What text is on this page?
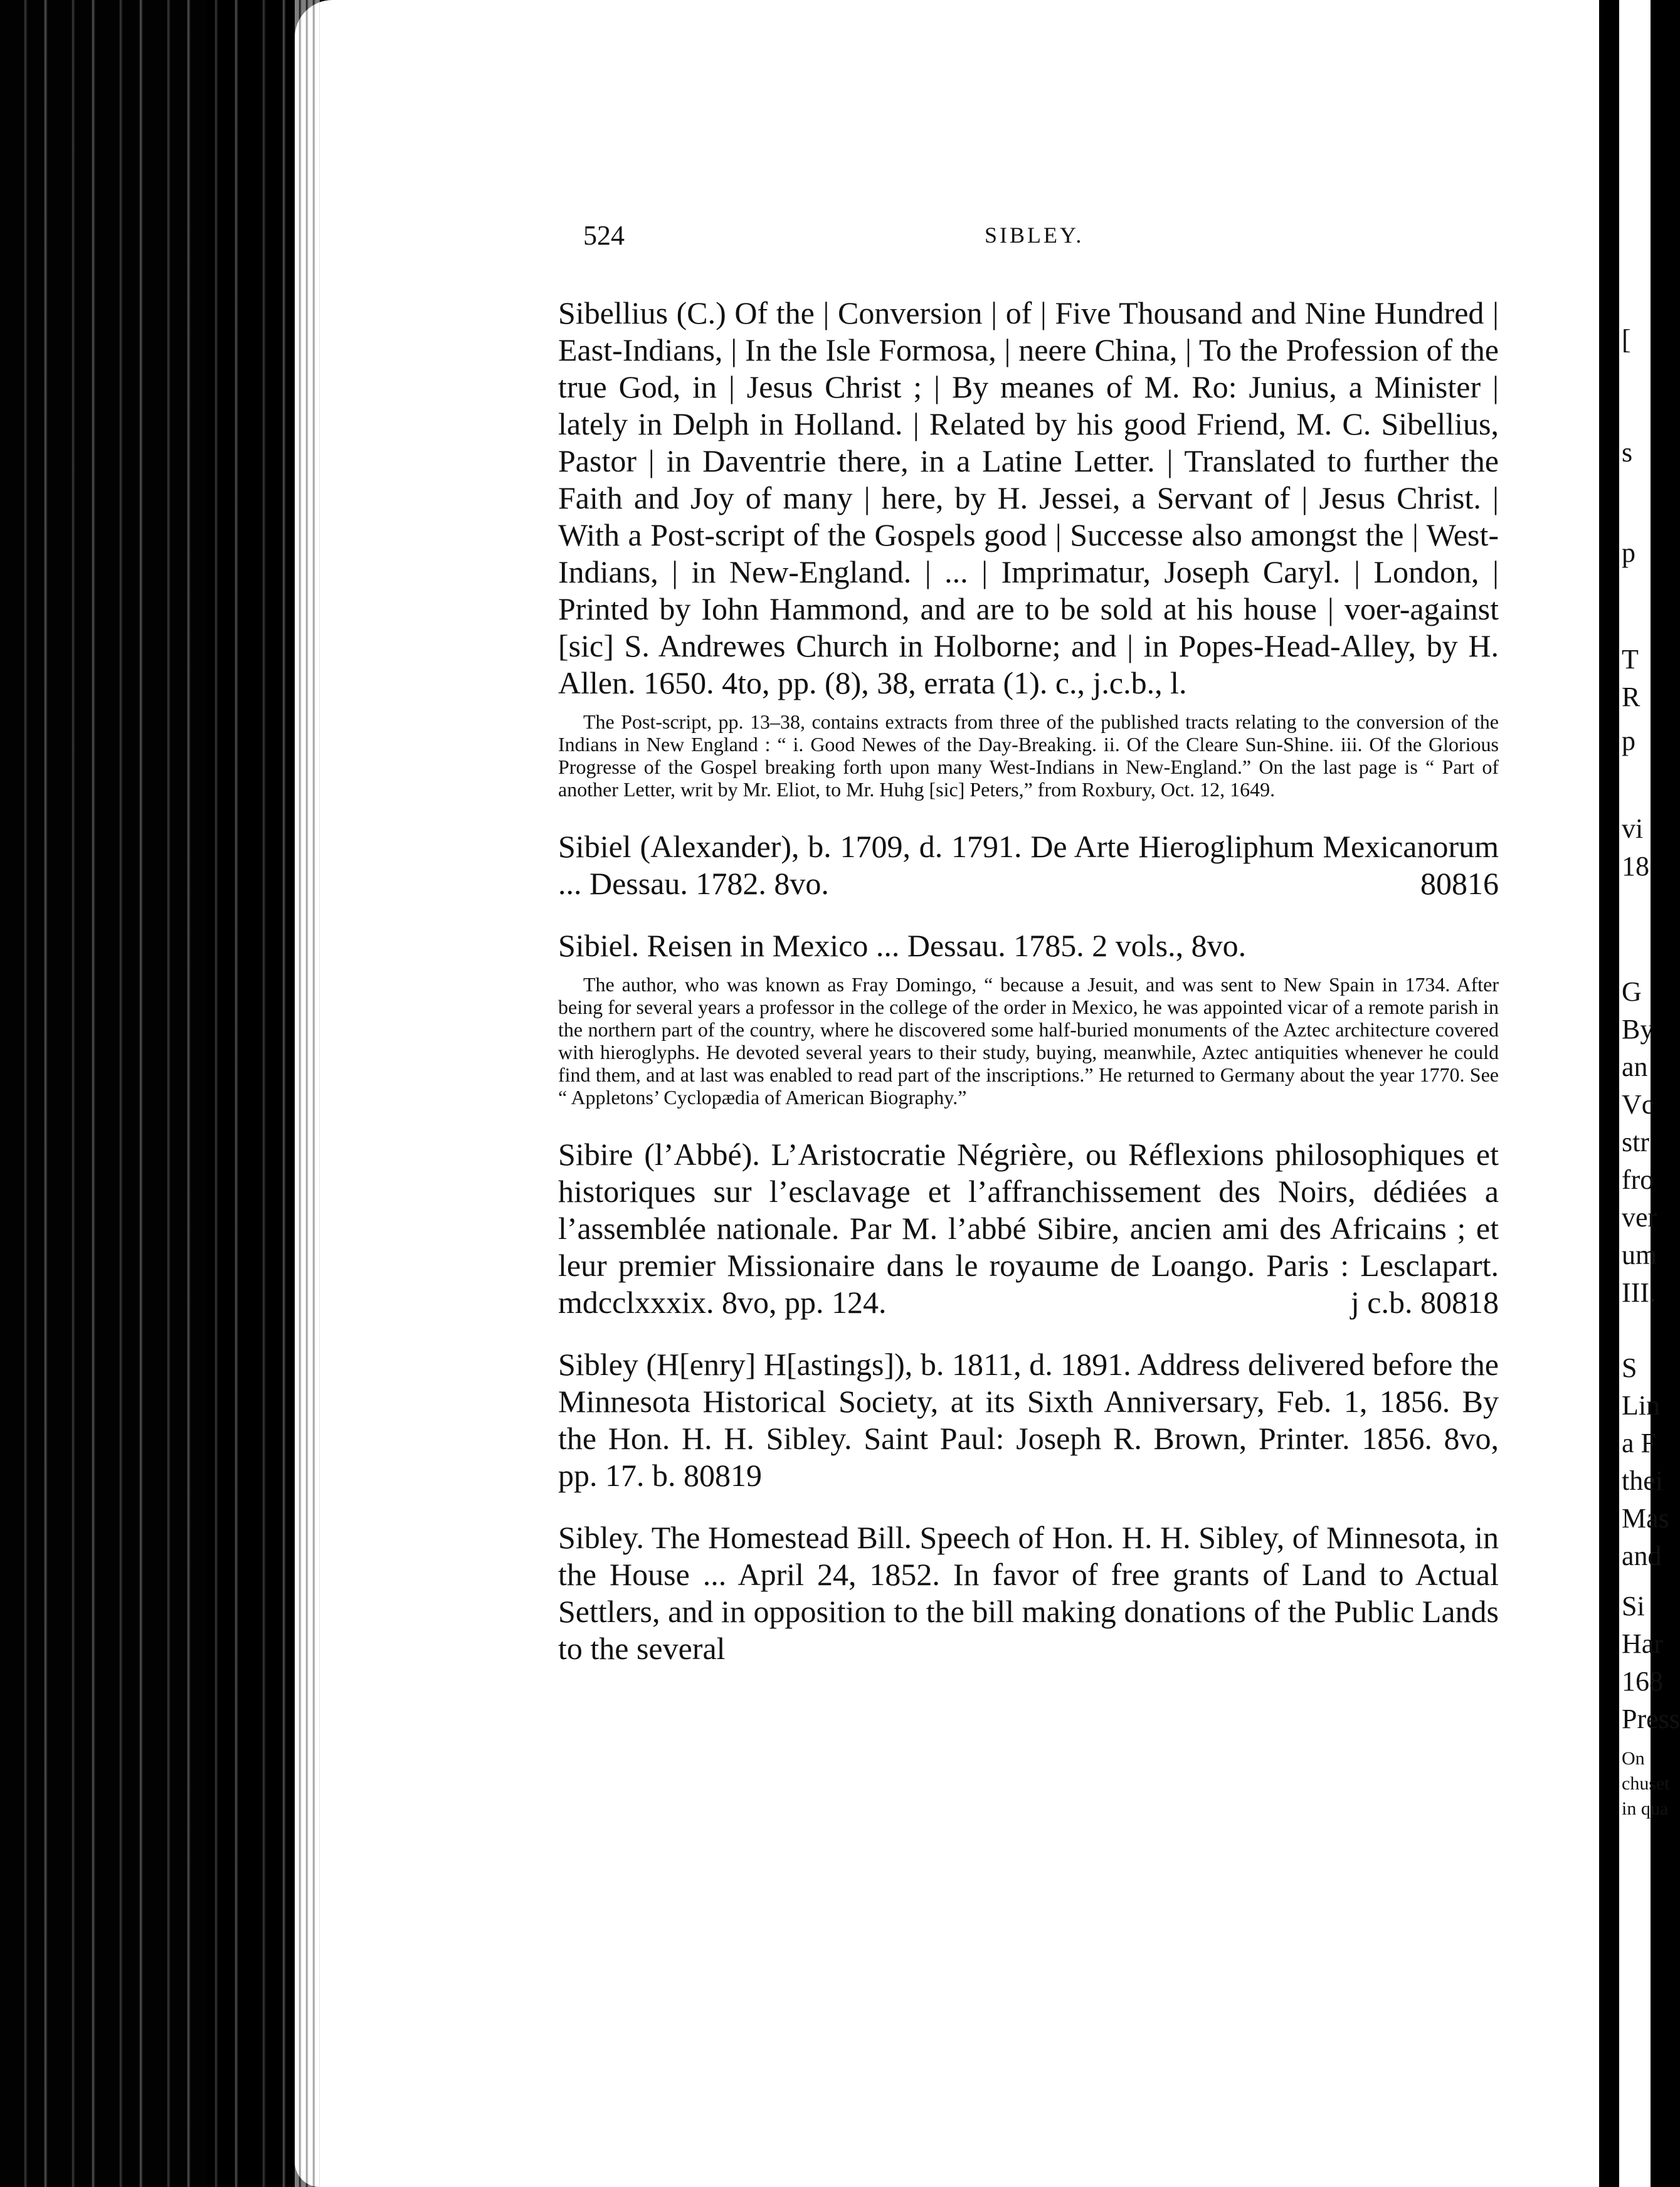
[
s
p
T
R
p
vi
18
G
By
an
Vc
str
fro
ver
um
III.
S
Lin
a F
thei
Mas
and
Si
Har
168
Press
On
chuset
in qua
524	SIBLEY.

Sibellius (C.) Of the | Conversion | of | Five Thousand and Nine Hundred | East-Indians, | In the Isle Formosa, | neere China, | To the Profession of the true God, in | Jesus Christ ; | By meanes of M. Ro: Junius, a Minister | lately in Delph in Holland. | Related by his good Friend, M. C. Sibellius, Pastor | in Daventrie there, in a Latine Letter. | Translated to further the Faith and Joy of many | here, by H. Jessei, a Servant of | Jesus Christ. | With a Post-script of the Gospels good | Successe also amongst the | West-Indians, | in New-England. | ... | Imprimatur, Joseph Caryl. | London, | Printed by Iohn Hammond, and are to be sold at his house | voer-against [sic] S. Andrewes Church in Holborne; and | in Popes-Head-Alley, by H. Allen. 1650. 4to, pp. (8), 38, errata (1). c., j.c.b., l.

The Post-script, pp. 13–38, contains extracts from three of the published tracts relating to the conversion of the Indians in New England : “ i. Good Newes of the Day-Breaking. ii. Of the Cleare Sun-Shine. iii. Of the Glorious Progresse of the Gospel breaking forth upon many West-Indians in New-England.” On the last page is “ Part of another Letter, writ by Mr. Eliot, to Mr. Huhg [sic] Peters,” from Roxbury, Oct. 12, 1649.

Sibiel (Alexander), b. 1709, d. 1791. De Arte Hierogliphum Mexicanorum ... Dessau. 1782. 8vo.	80816

Sibiel. Reisen in Mexico ... Dessau. 1785. 2 vols., 8vo.

The author, who was known as Fray Domingo, “ because a Jesuit, and was sent to New Spain in 1734. After being for several years a professor in the college of the order in Mexico, he was appointed vicar of a remote parish in the northern part of the country, where he discovered some half-buried monuments of the Aztec architecture covered with hieroglyphs. He devoted several years to their study, buying, meanwhile, Aztec antiquities whenever he could find them, and at last was enabled to read part of the inscriptions.” He returned to Germany about the year 1770. See “ Appletons’ Cyclopædia of American Biography.”

Sibire (l’Abbé). L’Aristocratie Négrière, ou Réflexions philosophiques et historiques sur l’esclavage et l’affranchissement des Noirs, dédiées a l’assemblée nationale. Par M. l’abbé Sibire, ancien ami des Africains ; et leur premier Missionaire dans le royaume de Loango. Paris : Lesclapart. mdcclxxxix. 8vo, pp. 124.	j c.b. 80818

Sibley (H[enry] H[astings]), b. 1811, d. 1891. Address delivered before the Minnesota Historical Society, at its Sixth Anniversary, Feb. 1, 1856. By the Hon. H. H. Sibley. Saint Paul: Joseph R. Brown, Printer. 1856. 8vo, pp. 17. b. 80819

Sibley. The Homestead Bill. Speech of Hon. H. H. Sibley, of Minnesota, in the House ... April 24, 1852. In favor of free grants of Land to Actual Settlers, and in opposition to the bill making donations of the Public Lands to the several
